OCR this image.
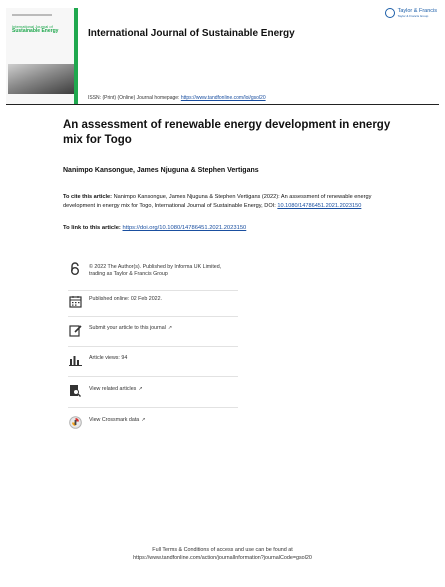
International Journal of
Sustainable Energy	International Journal of Sustainable Energy
Taylor & Francis
Taylor & Francis Group
ISSN: (Print) (Online) Journal homepage: https://www.tandfonline.com/loi/gsol20
An assessment of renewable energy development in energy mix for Togo
Nanimpo Kansongue, James Njuguna & Stephen Vertigans
To cite this article: Nanimpo Kansongue, James Njuguna & Stephen Vertigans (2022): An assessment of renewable energy development in energy mix for Togo, International Journal of Sustainable Energy, DOI: 10.1080/14786451.2021.2023150
To link to this article: https://doi.org/10.1080/14786451.2021.2023150
© 2022 The Author(s). Published by Informa UK Limited, trading as Taylor & Francis Group
Published online: 02 Feb 2022.
Submit your article to this journal ↗
Article views: 94
View related articles ↗
View Crossmark data ↗
Full Terms & Conditions of access and use can be found at
https://www.tandfonline.com/action/journalInformation?journalCode=gsol20
